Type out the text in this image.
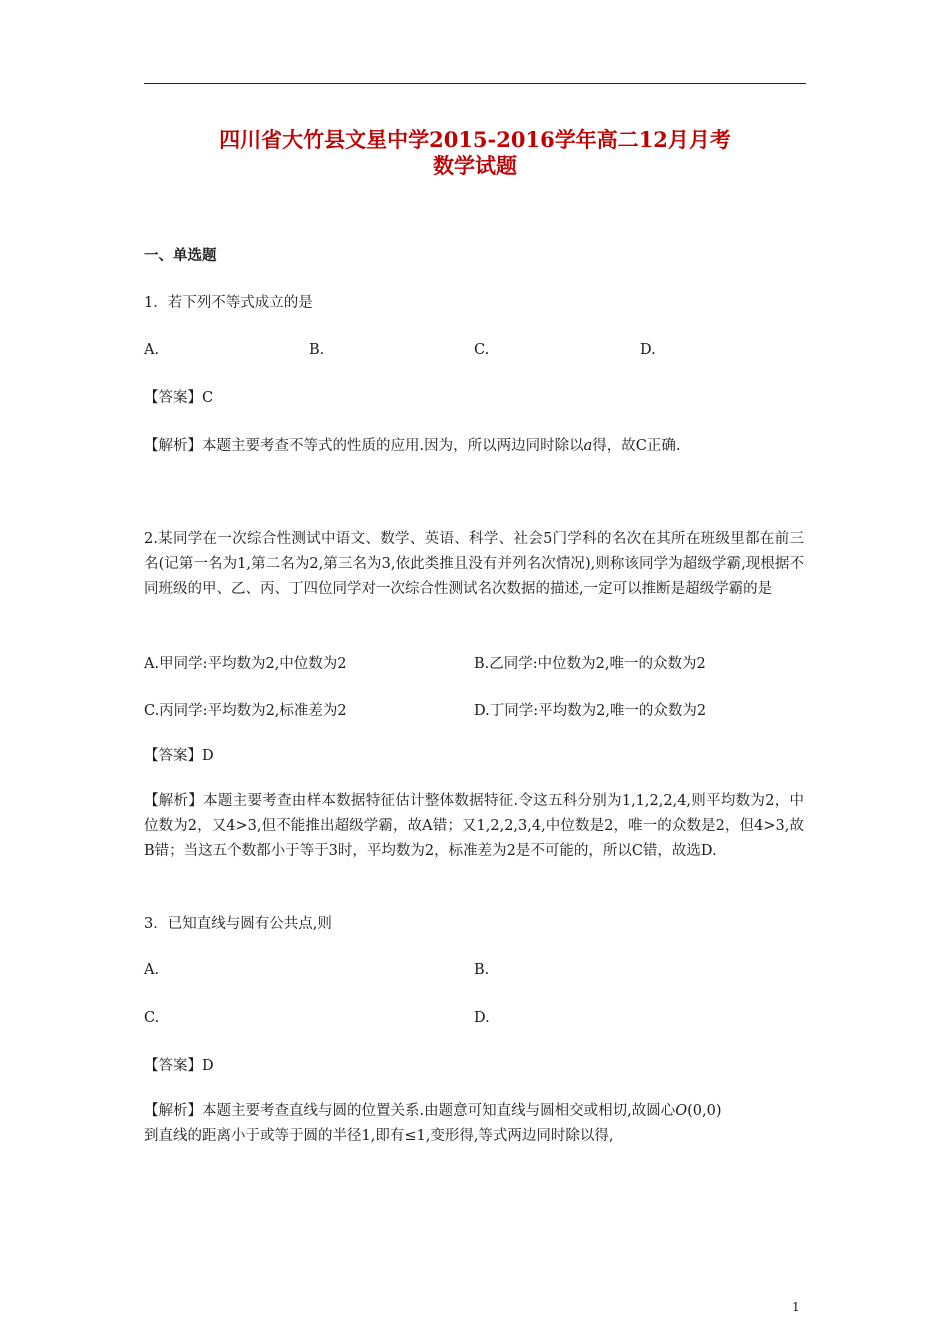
四川省大竹县文星中学2015-2016学年高二12月月考
数学试题
一、单选题
1．若下列不等式成立的是
A.	B.	C.	D.
【答案】C
【解析】本题主要考查不等式的性质的应用.因为，所以两边同时除以a得，故C正确.
2.某同学在一次综合性测试中语文、数学、英语、科学、社会5门学科的名次在其所在班级里都在前三名(记第一名为1,第二名为2,第三名为3,依此类推且没有并列名次情况),则称该同学为超级学霸,现根据不同班级的甲、乙、丙、丁四位同学对一次综合性测试名次数据的描述,一定可以推断是超级学霸的是
A.甲同学:平均数为2,中位数为2	B.乙同学:中位数为2,唯一的众数为2
C.丙同学:平均数为2,标准差为2	D.丁同学:平均数为2,唯一的众数为2
【答案】D
【解析】本题主要考查由样本数据特征估计整体数据特征.令这五科分别为1,1,2,2,4,则平均数为2，中位数为2，又4>3,但不能推出超级学霸，故A错；又1,2,2,3,4,中位数是2，唯一的众数是2，但4>3,故B错；当这五个数都小于等于3时，平均数为2，标准差为2是不可能的，所以C错，故选D.
3．已知直线与圆有公共点,则
A.	B.
C.	D.
【答案】D
【解析】本题主要考查直线与圆的位置关系.由题意可知直线与圆相交或相切,故圆心O(0,0)
到直线的距离小于或等于圆的半径1,即有≤1,变形得,等式两边同时除以得,
1
